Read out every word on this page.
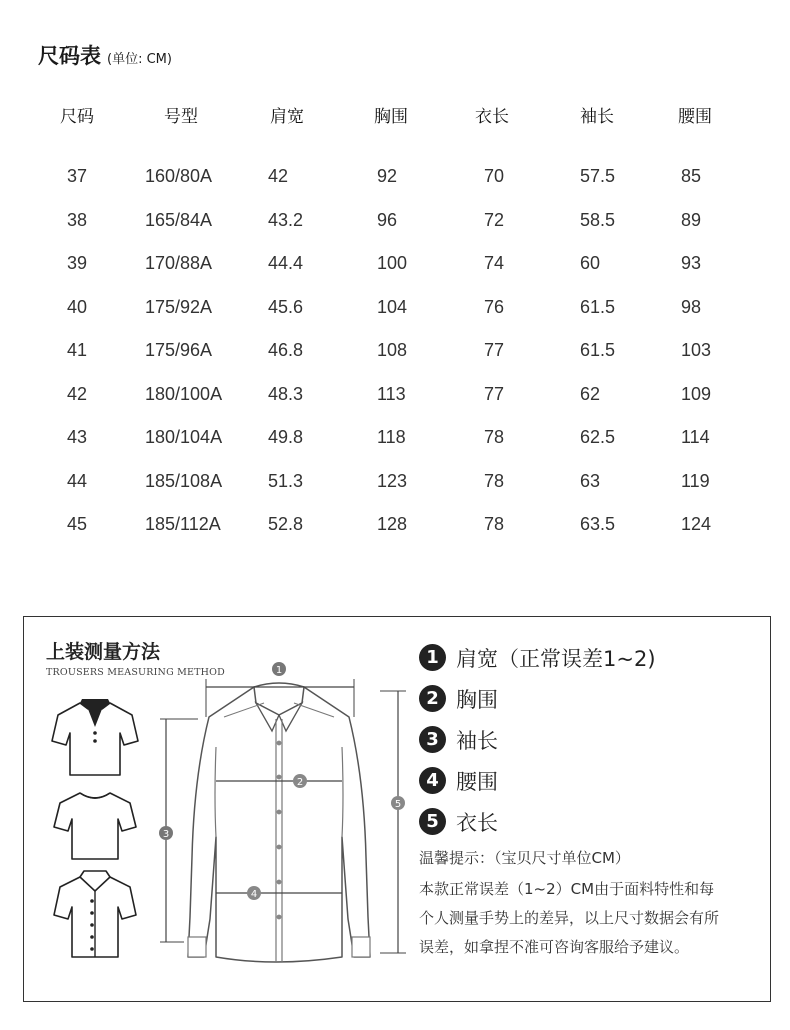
尺码表 (单位: CM)
尺码	号型	肩宽	胸围	衣长	袖长	腰围
37	160/80A	42	92	70	57.5	85
38	165/84A	43.2	96	72	58.5	89
39	170/88A	44.4	100	74	60	93
40	175/92A	45.6	104	76	61.5	98
41	175/96A	46.8	108	77	61.5	103
42	180/100A	48.3	113	77	62	109
43	180/104A	49.8	118	78	62.5	114
44	185/108A	51.3	123	78	63	119
45	185/112A	52.8	128	78	63.5	124
上装测量方法
TROUSERS MEASURING METHOD	1
2
3
4
5
1 肩宽（正常误差1~2)
2 胸围
3 袖长
4 腰围
5 衣长
温馨提示：（宝贝尺寸单位CM）
本款正常误差（1~2）CM由于面料特性和每个人测量手势上的差异，以上尺寸数据会有所误差，如拿捏不准可咨询客服给予建议。
